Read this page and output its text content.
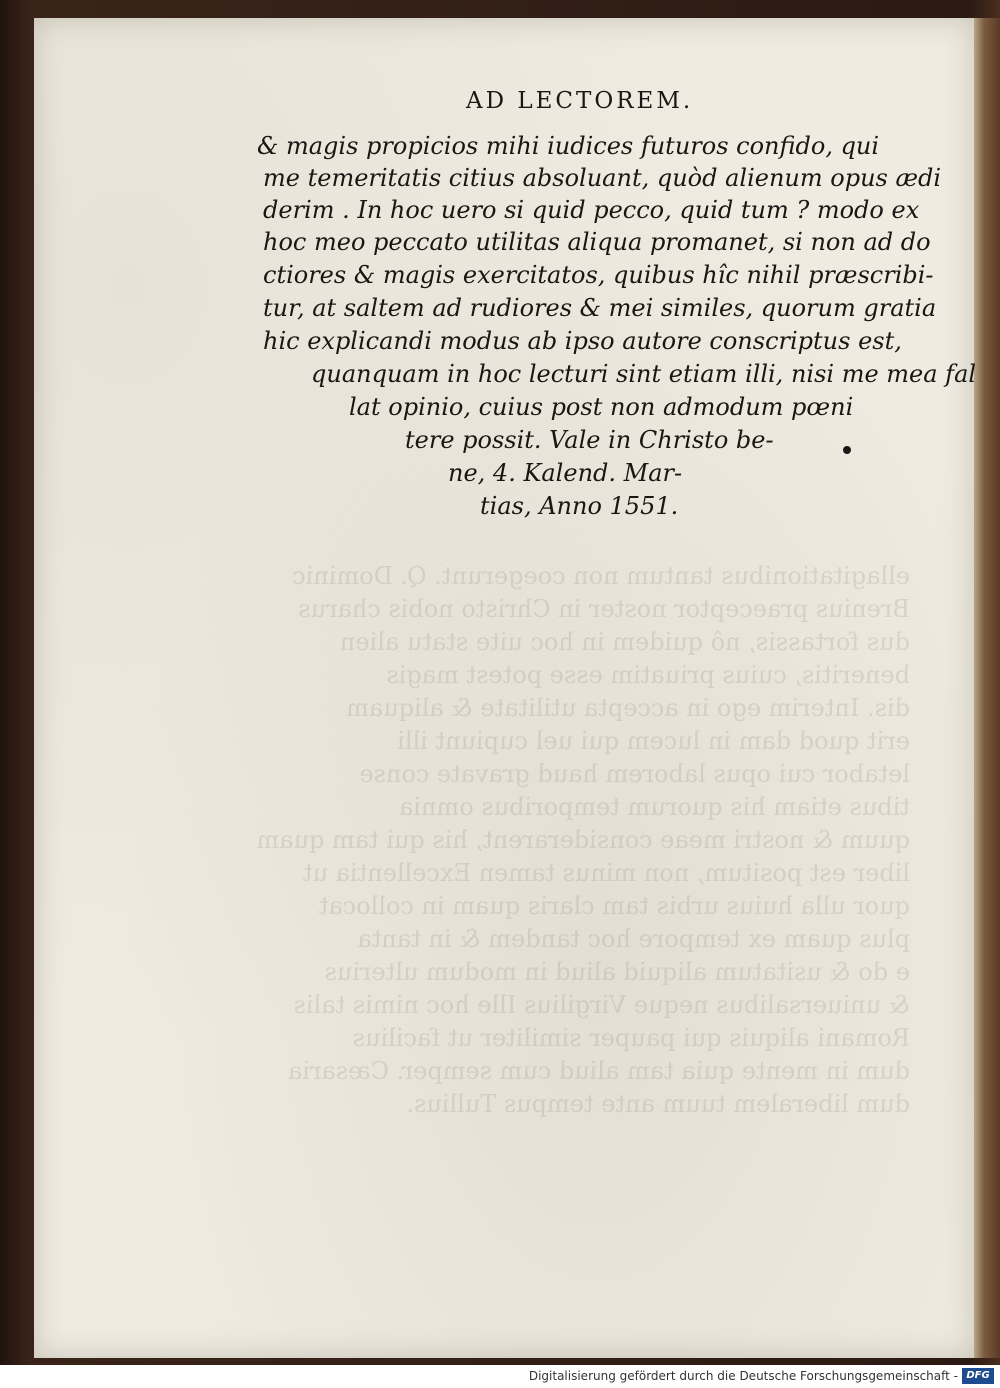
AD LECTOREM.
& magis propicios mihi iudices futuros confido, qui
me temeritatis citius absoluant, quòd alienum opus ædi
derim . In hoc uero si quid pecco, quid tum ? modo ex
hoc meo peccato utilitas aliqua promanet, si non ad do
ctiores & magis exercitatos, quibus hîc nihil præscribi-
tur, at saltem ad rudiores & mei similes, quorum gratia
hic explicandi modus ab ipso autore conscriptus est,
quanquam in hoc lecturi sint etiam illi, nisi me mea fal
lat opinio, cuius post non admodum pœni
tere possit. Vale in Christo be-
ne, 4. Kalend. Mar-
tias, Anno 1551.
Digitalisierung gefördert durch die Deutsche Forschungsgemeinschaft - DFG
